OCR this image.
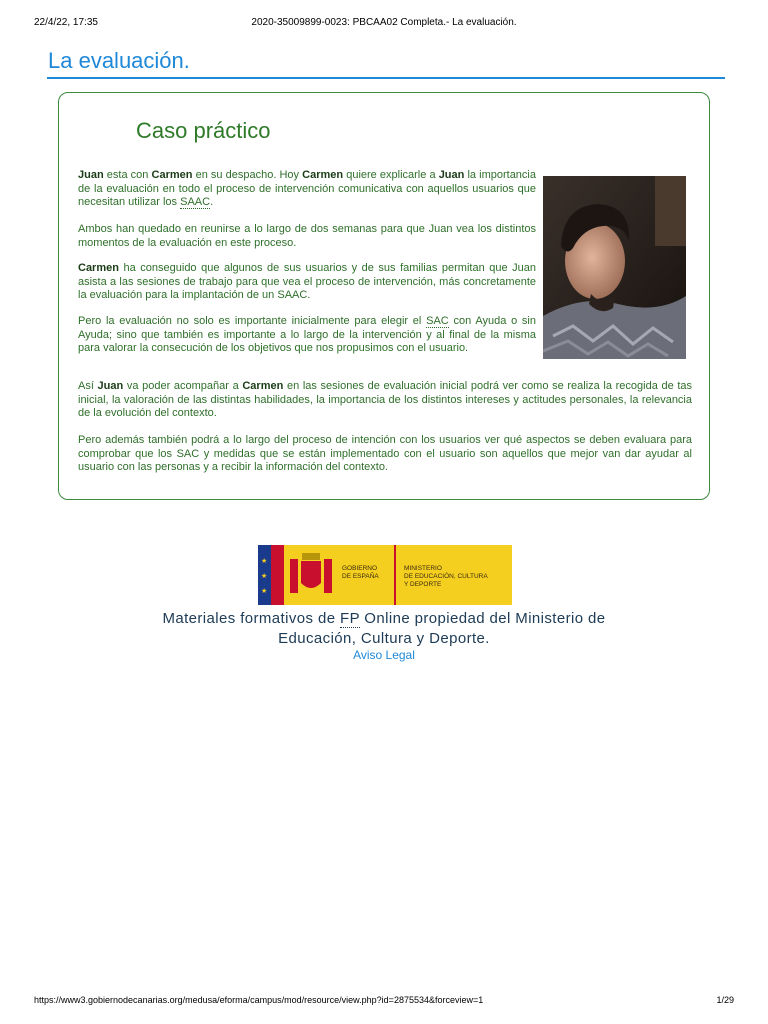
22/4/22, 17:35	2020-35009899-0023: PBCAA02 Completa.- La evaluación.
La evaluación.
Caso práctico
Juan esta con Carmen en su despacho. Hoy Carmen quiere explicarle a Juan la importancia de la evaluación en todo el proceso de intervención comunicativa con aquellos usuarios que necesitan utilizar los SAAC.
Ambos han quedado en reunirse a lo largo de dos semanas para que Juan vea los distintos momentos de la evaluación en este proceso.
Carmen ha conseguido que algunos de sus usuarios y de sus familias permitan que Juan asista a las sesiones de trabajo para que vea el proceso de intervención, más concretamente la evaluación para la implantación de un SAAC.
Pero la evaluación no solo es importante inicialmente para elegir el SAC con Ayuda o sin Ayuda; sino que también es importante a lo largo de la intervención y al final de la misma para valorar la consecución de los objetivos que nos propusimos con el usuario.
Así Juan va poder acompañar a Carmen en las sesiones de evaluación inicial podrá ver como se realiza la recogida de tas inicial, la valoración de las distintas habilidades, la importancia de los distintos intereses y actitudes personales, la relevancia de la evolución del contexto.
Pero además también podrá a lo largo del proceso de intención con los usuarios ver qué aspectos se deben evaluara para comprobar que los SAC y medidas que se están implementado con el usuario son aquellos que mejor van dar ayudar al usuario con las personas y a recibir la información del contexto.
★
★
★
GOBIERNO
DE ESPAÑA
MINISTERIO
DE EDUCACIÓN, CULTURA
Y DEPORTE
Materiales formativos de FP Online propiedad del Ministerio de
Educación, Cultura y Deporte.
Aviso Legal
https://www3.gobiernodecanarias.org/medusa/eforma/campus/mod/resource/view.php?id=2875534&forceview=1	1/29
